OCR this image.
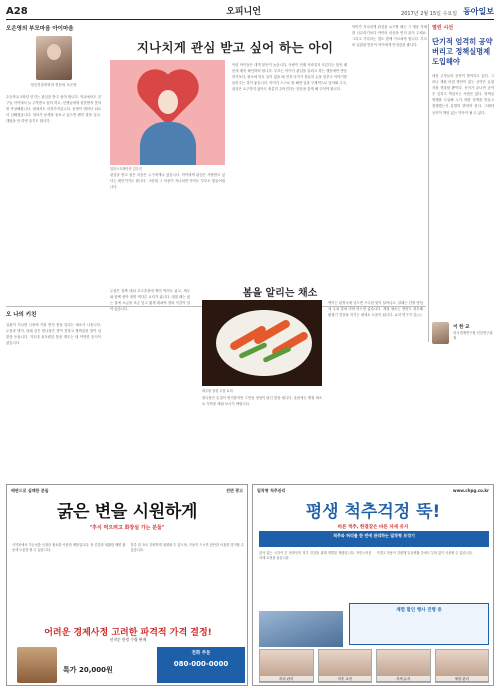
A28	오피니언	2017년 2월 15일 수요일 동아일보
오은영의 부모마음 아이마음
정신건강의학과 전문의 오은영

초등학교 5학년 민지는 관심을 받고 싶어 합니다. 학교에서도 친구들 사이에서 늘 주목받고 싶어 하고, 선생님에게 칭찬받지 못하면 속상해합니다. 집에서도 마찬가지입니다. 동생이 태어난 뒤로 더 심해졌습니다. 엄마가 동생을 돌보고 있으면 괜히 말을 걸고, 대답을 안 하면 울기도 합니다.

지나치게 관심 받고 싶어 하는 아이
일러스트레이션 김수진

관심을 받고 싶은 마음은 누구에게나 있습니다. 아이에게 관심은 사랑받고 있다는 확인이기도 합니다. 그런데 그 마음이 지나치면 아이도 부모도 힘들어집니다.

이런 아이들은 대개 불안이 높습니다. 사랑이 언제 사라질지 모른다는 불안 때문에 계속 확인하려 합니다. 부모는 아이가 관심을 끌려고 하는 행동에만 반응하기보다, 평소에 아무 일이 없을 때 먼저 다가가 충분히 눈을 맞추고 이야기를 들어주는 것이 좋습니다. 아이가 스스로 잘 해낸 일을 구체적으로 알아봐 주고, 관심은 요구하지 않아도 충분히 주어진다는 믿음을 갖게 해 주어야 합니다.

아이가 지나치게 관심을 요구할 때는 그 행동 자체를 나무라기보다 아이의 마음을 먼저 읽어 주세요. 그리고 기다리는 법도 함께 가르쳐야 합니다. 부모의 일관된 반응이 아이에게 안정감을 줍니다.

열린 시선
단기적 엄격히 공약 버리고 정책실명제 도입해야

대선 주자들의 공약이 쏟아지고 있다. 그러나 재원 마련 방안이 없는 공약은 유권자를 현혹할 뿐이다. 선거가 끝나면 공약은 잊히고 책임지는 사람은 없다. 정책실명제를 도입해 누가 어떤 정책을 만들고 집행했는지 분명히 밝혀야 한다. 그래야 공약이 책임 있는 약속이 될 수 있다.

이 한 교
한국경제연구원 선임연구위원
오 나의 키친

입춘이 지나면 시장에 가장 먼저 봄을 알리는 채소가 나옵니다. 두릅과 냉이, 달래 같은 봄나물은 향이 진하고 쌉싸름한 맛이 입맛을 돋웁니다. 겨우내 움츠렸던 몸을 깨우는 데 이만한 음식이 없습니다.

두릅은 살짝 데쳐 초고추장에 찍어 먹어도 좋고, 새우와 함께 볶아 내면 색다른 요리가 됩니다. 데칠 때는 끓는 물에 소금을 조금 넣고 짧게 데쳐야 향과 식감이 살아 있습니다.

봄을 알리는 채소
새우를 올린 두릅 요리

봄나물은 손질이 번거롭지만 그만큼 정성이 담긴 맛을 냅니다. 올봄에는 제철 채소로 식탁을 채워 보시기 바랍니다.

냉이는 된장국에 넣으면 구수한 맛이 살아나고, 달래는 간장 양념에 무쳐 밥에 비벼 먹으면 좋습니다. 제철 채소는 영양도 풍부해 환절기 건강을 지키는 데에도 도움이 됩니다. 요리 연구가 김○○

배변으로 실패한 분들	전면 광고
굵은 변을 시원하게
"후식 먹으려고 화장실 가는 분들"
식약처에서 기능성을 인정한 원료를 사용한 제품입니다. 장 건강과 원활한 배변 활동에 도움을 줄 수 있습니다.
하루 한 포로 간편하게 섭취할 수 있으며, 꾸준히 드시면 편안한 아침을 맞이할 수 있습니다.
어려운 경제사정 고려한 파격적 가격 결정!
선착순 한정 수량 판매
특가 20,000원
전화 주문
080-000-0000
밀착형 척추관리	www.chpg.co.kr
평생 척추걱정 뚝!
바른 척추, 한결같은 바른 자세 유지
척추와 허리를 한 번에 관리하는 밀착형 보정기
앉아 있는 시간이 긴 현대인의 척추 건강을 위해 개발된 제품입니다. 자연스러운 자세 교정을 돕습니다.
가볍고 착용이 간편해 일상생활 중에도 부담 없이 사용할 수 있습니다.
체험 할인 행사 진행 중
허리 관리	척추 교정	자세 유지	체형 관리
